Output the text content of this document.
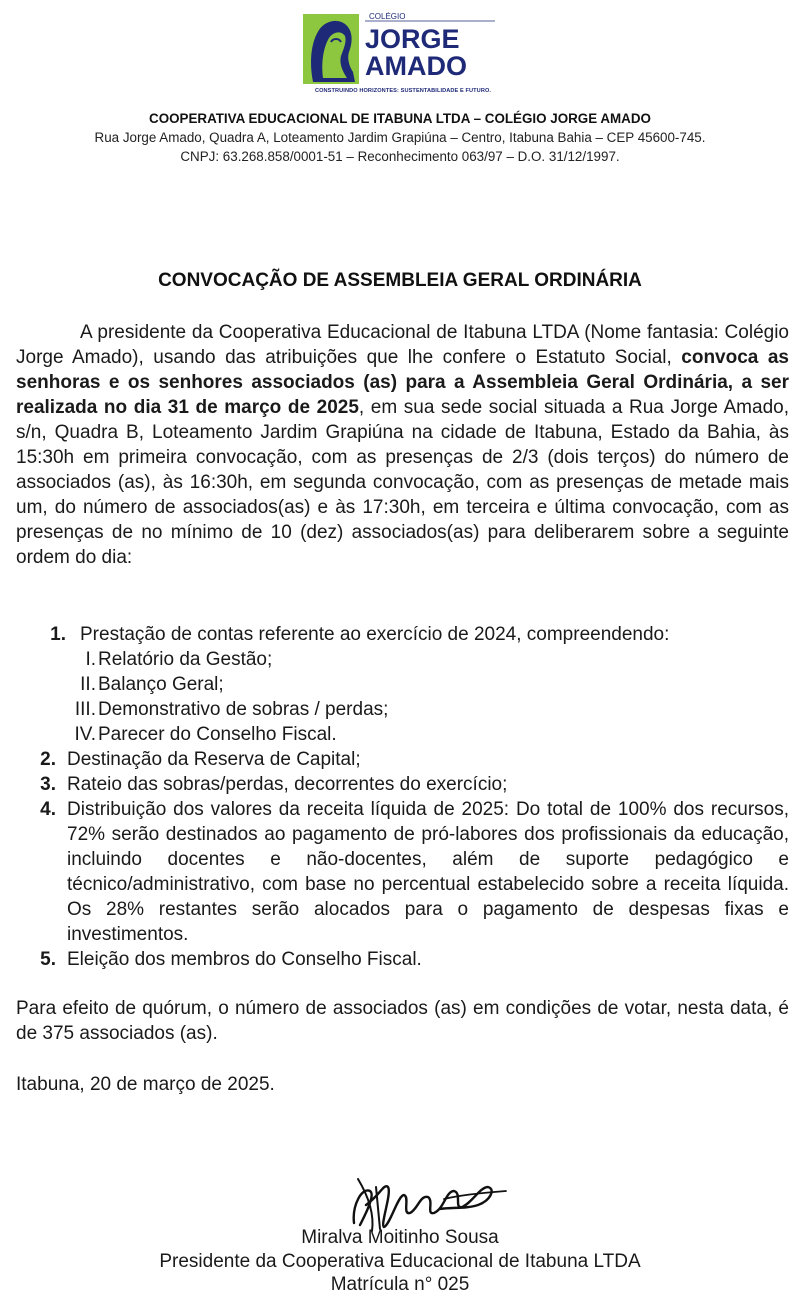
COLÉGIO
JORGE
AMADO
CONSTRUINDO HORIZONTES: SUSTENTABILIDADE E FUTURO.
COOPERATIVA EDUCACIONAL DE ITABUNA LTDA – COLÉGIO JORGE AMADO
Rua Jorge Amado, Quadra A, Loteamento Jardim Grapiúna – Centro, Itabuna Bahia – CEP 45600-745.
CNPJ: 63.268.858/0001-51 – Reconhecimento 063/97 – D.O. 31/12/1997.
CONVOCAÇÃO DE ASSEMBLEIA GERAL ORDINÁRIA

A presidente da Cooperativa Educacional de Itabuna LTDA (Nome fantasia: Colégio Jorge Amado), usando das atribuições que lhe confere o Estatuto Social, convoca as senhoras e os senhores associados (as) para a Assembleia Geral Ordinária, a ser realizada no dia 31 de março de 2025, em sua sede social situada a Rua Jorge Amado, s/n, Quadra B, Loteamento Jardim Grapiúna na cidade de Itabuna, Estado da Bahia, às 15:30h em primeira convocação, com as presenças de 2/3 (dois terços) do número de associados (as), às 16:30h, em segunda convocação, com as presenças de metade mais um, do número de associados(as) e às 17:30h, em terceira e última convocação, com as presenças de no mínimo de 10 (dez) associados(as) para deliberarem sobre a seguinte ordem do dia:

1. Prestação de contas referente ao exercício de 2024, compreendendo:
I. Relatório da Gestão;
II. Balanço Geral;
III. Demonstrativo de sobras / perdas;
IV. Parecer do Conselho Fiscal.
2. Destinação da Reserva de Capital;
3. Rateio das sobras/perdas, decorrentes do exercício;
4. Distribuição dos valores da receita líquida de 2025: Do total de 100% dos recursos, 72% serão destinados ao pagamento de pró-labores dos profissionais da educação, incluindo docentes e não-docentes, além de suporte pedagógico e técnico/administrativo, com base no percentual estabelecido sobre a receita líquida. Os 28% restantes serão alocados para o pagamento de despesas fixas e investimentos.
5. Eleição dos membros do Conselho Fiscal.
Para efeito de quórum, o número de associados (as) em condições de votar, nesta data, é de 375 associados (as).
Itabuna, 20 de março de 2025.
Miralva Moitinho Sousa
Presidente da Cooperativa Educacional de Itabuna LTDA
Matrícula n° 025
